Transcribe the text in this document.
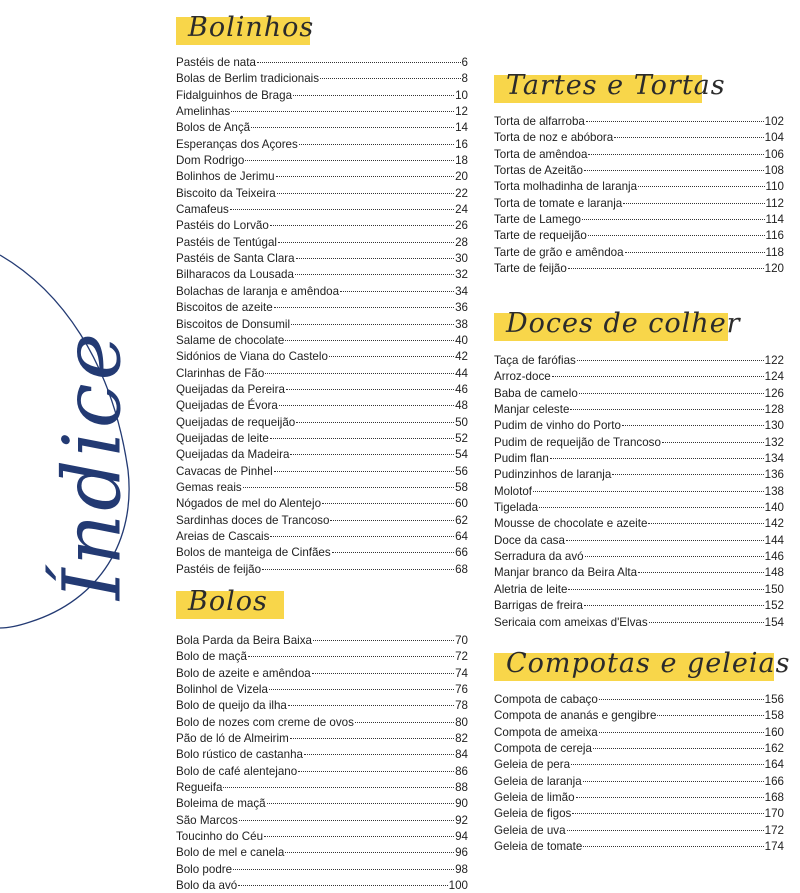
Índice
Bolinhos
Pastéis de nata	6
Bolas de Berlim tradicionais	8
Fidalguinhos de Braga	10
Amelinhas	12
Bolos de Ançã	14
Esperanças dos Açores	16
Dom Rodrigo	18
Bolinhos de Jerimu	20
Biscoito da Teixeira	22
Camafeus	24
Pastéis do Lorvão	26
Pastéis de Tentúgal	28
Pastéis de Santa Clara	30
Bilharacos da Lousada	32
Bolachas de laranja e amêndoa	34
Biscoitos de azeite	36
Biscoitos de Donsumil	38
Salame de chocolate	40
Sidónios de Viana do Castelo	42
Clarinhas de Fão	44
Queijadas da Pereira	46
Queijadas de Évora	48
Queijadas de requeijão	50
Queijadas de leite	52
Queijadas da Madeira	54
Cavacas de Pinhel	56
Gemas reais	58
Nógados de mel do Alentejo	60
Sardinhas doces de Trancoso	62
Areias de Cascais	64
Bolos de manteiga de Cinfães	66
Pastéis de feijão	68
Bolos
Bola Parda da Beira Baixa	70
Bolo de maçã	72
Bolo de azeite e amêndoa	74
Bolinhol de Vizela	76
Bolo de queijo da ilha	78
Bolo de nozes com creme de ovos	80
Pão de ló de Almeirim	82
Bolo rústico de castanha	84
Bolo de café alentejano	86
Regueifa	88
Boleima de maçã	90
São Marcos	92
Toucinho do Céu	94
Bolo de mel e canela	96
Bolo podre	98
Bolo da avó	100
Tartes e Tortas
Torta de alfarroba	102
Torta de noz e abóbora	104
Torta de amêndoa	106
Tortas de Azeitão	108
Torta molhadinha de laranja	110
Torta de tomate e laranja	112
Tarte de Lamego	114
Tarte de requeijão	116
Tarte de grão e amêndoa	118
Tarte de feijão	120
Doces de colher
Taça de farófias	122
Arroz-doce	124
Baba de camelo	126
Manjar celeste	128
Pudim de vinho do Porto	130
Pudim de requeijão de Trancoso	132
Pudim flan	134
Pudinzinhos de laranja	136
Molotof	138
Tigelada	140
Mousse de chocolate e azeite	142
Doce da casa	144
Serradura da avó	146
Manjar branco da Beira Alta	148
Aletria de leite	150
Barrigas de freira	152
Sericaia com ameixas d'Elvas	154
Compotas e geleias
Compota de cabaço	156
Compota de ananás e gengibre	158
Compota de ameixa	160
Compota de cereja	162
Geleia de pera	164
Geleia de laranja	166
Geleia de limão	168
Geleia de figos	170
Geleia de uva	172
Geleia de tomate	174
